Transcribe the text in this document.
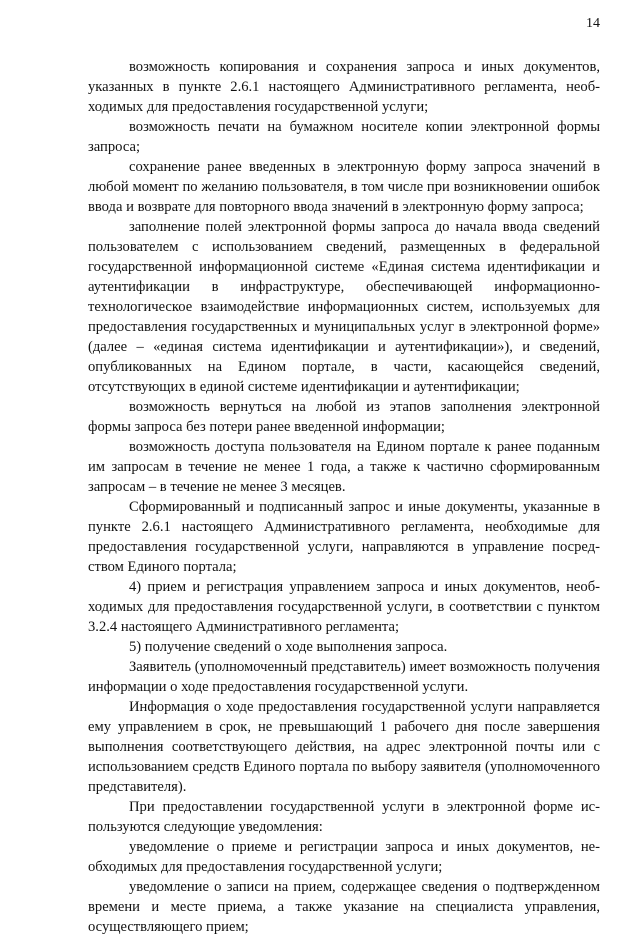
14

возможность копирования и сохранения запроса и иных документов, указанных в пункте 2.6.1 настоящего Административного регламента, необходимых для предоставления государственной услуги;

возможность печати на бумажном носителе копии электронной формы запроса;

сохранение ранее введенных в электронную форму запроса значений в любой момент по желанию пользователя, в том числе при возникновении ошибок ввода и возврате для повторного ввода значений в электронную форму запроса;

заполнение полей электронной формы запроса до начала ввода сведений пользователем с использованием сведений, размещенных в федеральной государственной информационной системе «Единая система идентификации и аутентификации в инфраструктуре, обеспечивающей информационно-технологическое взаимодействие информационных систем, используемых для предоставления государственных и муниципальных услуг в электронной форме» (далее – «единая система идентификации и аутентификации»), и сведений, опубликованных на Едином портале, в части, касающейся сведений, отсутствующих в единой системе идентификации и аутентификации;

возможность вернуться на любой из этапов заполнения электронной формы запроса без потери ранее введенной информации;

возможность доступа пользователя на Едином портале к ранее поданным им запросам в течение не менее 1 года, а также к частично сформированным запросам – в течение не менее 3 месяцев.

Сформированный и подписанный запрос и иные документы, указанные в пункте 2.6.1 настоящего Административного регламента, необходимые для предоставления государственной услуги, направляются в управление посредством Единого портала;

4) прием и регистрация управлением запроса и иных документов, необходимых для предоставления государственной услуги, в соответствии с пунктом 3.2.4 настоящего Административного регламента;

5) получение сведений о ходе выполнения запроса.

Заявитель (уполномоченный представитель) имеет возможность получения информации о ходе предоставления государственной услуги.

Информация о ходе предоставления государственной услуги направляется ему управлением в срок, не превышающий 1 рабочего дня после завершения выполнения соответствующего действия, на адрес электронной почты или с использованием средств Единого портала по выбору заявителя (уполномоченного представителя).

При предоставлении государственной услуги в электронной форме используются следующие уведомления:

уведомление о приеме и регистрации запроса и иных документов, необходимых для предоставления государственной услуги;

уведомление о записи на прием, содержащее сведения о подтвержденном времени и месте приема, а также указание на специалиста управления, осуществляющего прием;
